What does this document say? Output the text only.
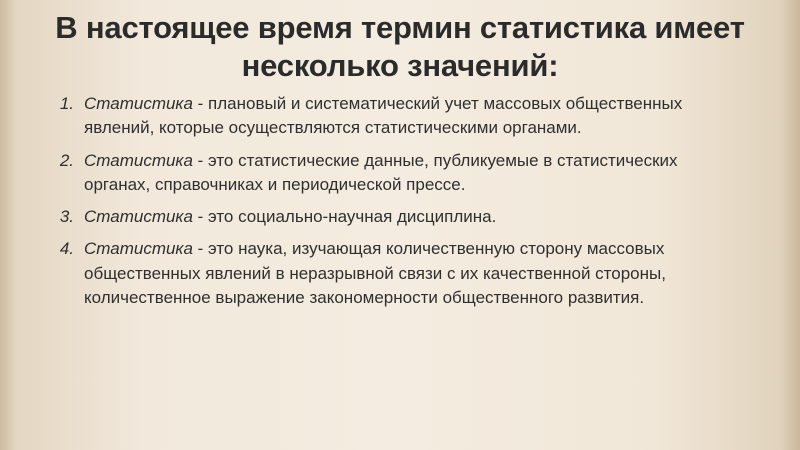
В настоящее время термин статистика имеет несколько значений:
1. Статистика - плановый и систематический учет массовых общественных явлений, которые осуществляются статистическими органами.
2. Статистика - это статистические данные, публикуемые в статистических органах, справочниках и периодической прессе.
3. Статистика - это социально-научная дисциплина.
4. Статистика - это наука, изучающая количественную сторону массовых общественных явлений в неразрывной связи с их качественной стороны, количественное выражение закономерности общественного развития.
